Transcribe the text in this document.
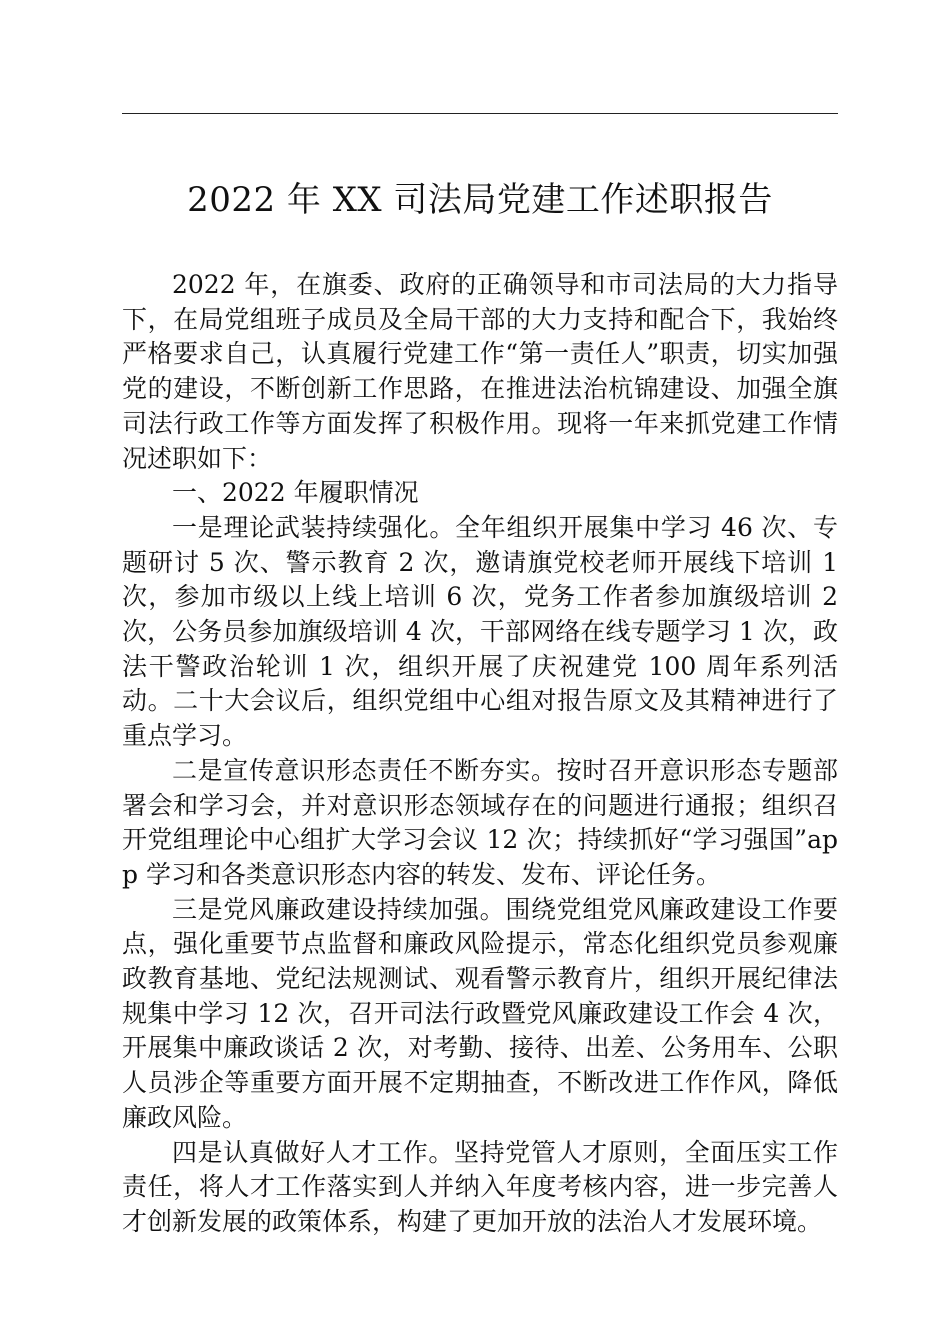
2022 年 XX 司法局党建工作述职报告

2022 年，在旗委、政府的正确领导和市司法局的大力指导下，在局党组班子成员及全局干部的大力支持和配合下，我始终严格要求自己，认真履行党建工作“第一责任人”职责，切实加强党的建设，不断创新工作思路，在推进法治杭锦建设、加强全旗司法行政工作等方面发挥了积极作用。现将一年来抓党建工作情况述职如下：

一、2022 年履职情况

一是理论武装持续强化。全年组织开展集中学习 46 次、专题研讨 5 次、警示教育 2 次，邀请旗党校老师开展线下培训 1 次，参加市级以上线上培训 6 次，党务工作者参加旗级培训 2 次，公务员参加旗级培训 4 次，干部网络在线专题学习 1 次，政法干警政治轮训 1 次，组织开展了庆祝建党 100 周年系列活动。二十大会议后，组织党组中心组对报告原文及其精神进行了重点学习。

二是宣传意识形态责任不断夯实。按时召开意识形态专题部署会和学习会，并对意识形态领域存在的问题进行通报；组织召开党组理论中心组扩大学习会议 12 次；持续抓好“学习强国”app 学习和各类意识形态内容的转发、发布、评论任务。

三是党风廉政建设持续加强。围绕党组党风廉政建设工作要点，强化重要节点监督和廉政风险提示，常态化组织党员参观廉政教育基地、党纪法规测试、观看警示教育片，组织开展纪律法规集中学习 12 次，召开司法行政暨党风廉政建设工作会 4 次，开展集中廉政谈话 2 次，对考勤、接待、出差、公务用车、公职人员涉企等重要方面开展不定期抽查，不断改进工作作风，降低廉政风险。

四是认真做好人才工作。坚持党管人才原则，全面压实工作责任，将人才工作落实到人并纳入年度考核内容，进一步完善人才创新发展的政策体系，构建了更加开放的法治人才发展环境。
